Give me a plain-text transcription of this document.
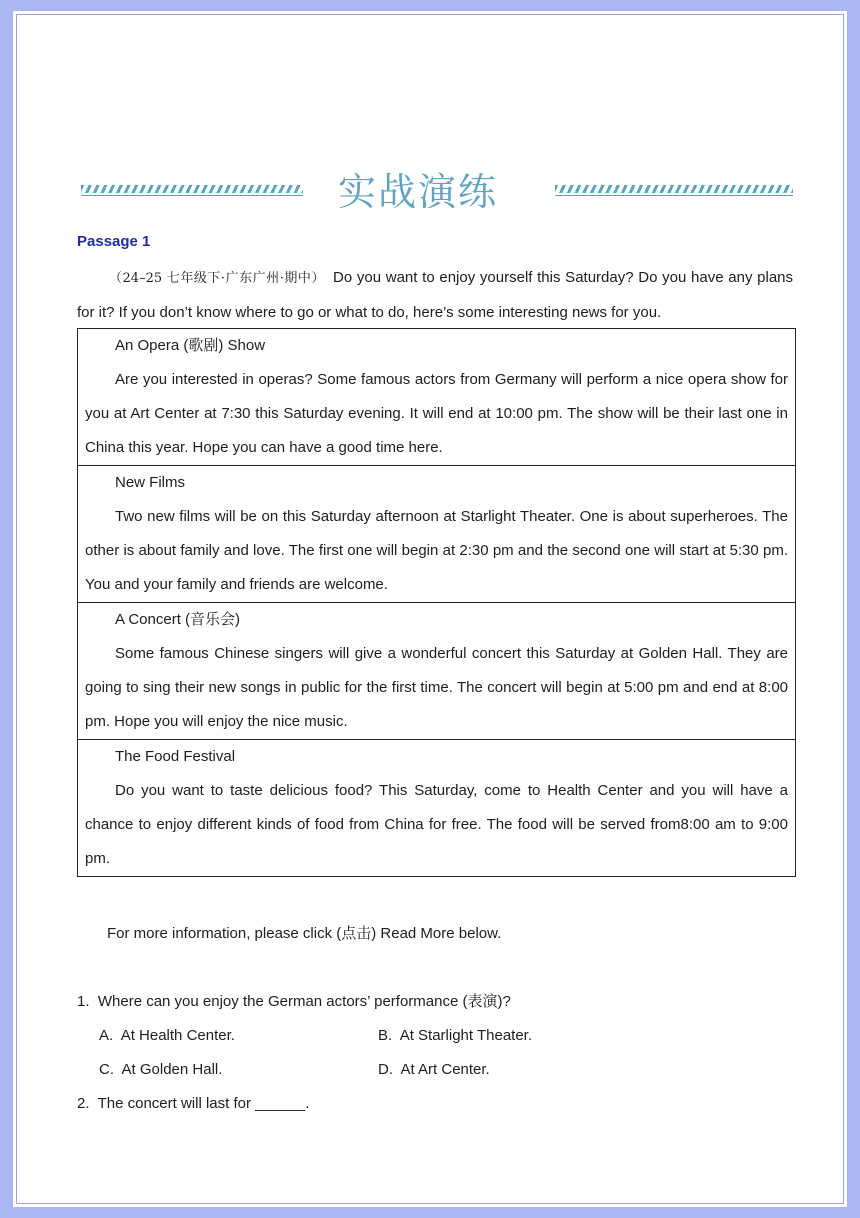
实战演练
Passage 1
（24–25 七年级下·广东广州·期中） Do you want to enjoy yourself this Saturday? Do you have any plans for it? If you don’t know where to go or what to do, here’s some interesting news for you.
An Opera (歌剧) Show
Are you interested in operas? Some famous actors from Germany will perform a nice opera show for you at Art Center at 7:30 this Saturday evening. It will end at 10:00 pm. The show will be their last one in China this year. Hope you can have a good time here.
New Films
Two new films will be on this Saturday afternoon at Starlight Theater. One is about superheroes. The other is about family and love. The first one will begin at 2:30 pm and the second one will start at 5:30 pm. You and your family and friends are welcome.
A Concert (音乐会)
Some famous Chinese singers will give a wonderful concert this Saturday at Golden Hall. They are going to sing their new songs in public for the first time. The concert will begin at 5:00 pm and end at 8:00 pm. Hope you will enjoy the nice music.
The Food Festival
Do you want to taste delicious food? This Saturday, come to Health Center and you will have a chance to enjoy different kinds of food from China for free. The food will be served from8:00 am to 9:00 pm.
For more information, please click (点击) Read More below.
1. Where can you enjoy the German actors’ performance (表演)?
A. At Health Center.	B. At Starlight Theater.
C. At Golden Hall.	D. At Art Center.
2. The concert will last for ______.
